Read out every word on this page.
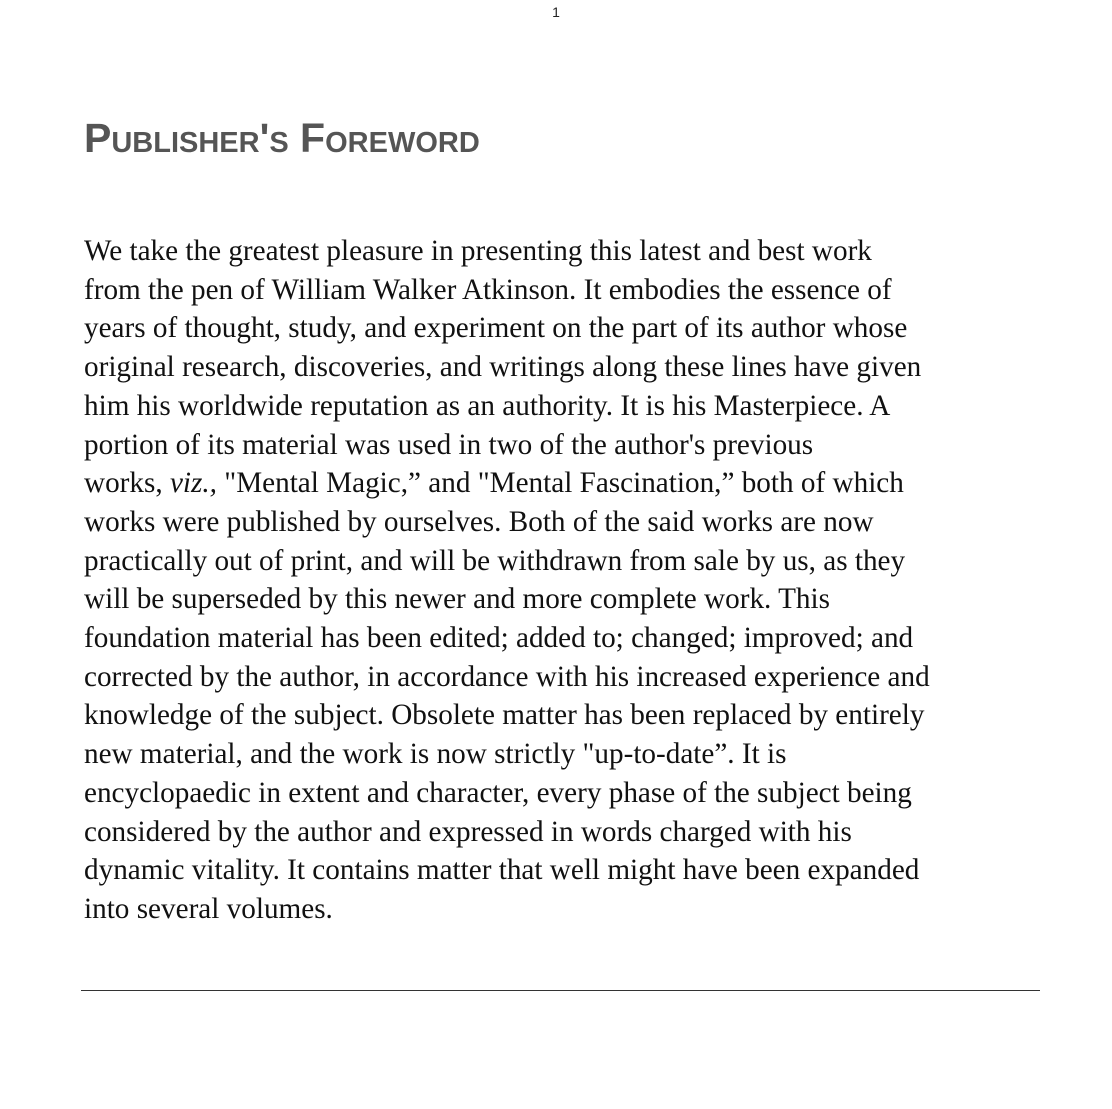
1
Publisher's Foreword
We take the greatest pleasure in presenting this latest and best work
from the pen of William Walker Atkinson. It embodies the essence of
years of thought, study, and experiment on the part of its author whose
original research, discoveries, and writings along these lines have given
him his worldwide reputation as an authority. It is his Masterpiece. A
portion of its material was used in two of the author's previous
works, viz., "Mental Magic,” and "Mental Fascination,” both of which
works were published by ourselves. Both of the said works are now
practically out of print, and will be withdrawn from sale by us, as they
will be superseded by this newer and more complete work. This
foundation material has been edited; added to; changed; improved; and
corrected by the author, in accordance with his increased experience and
knowledge of the subject. Obsolete matter has been replaced by entirely
new material, and the work is now strictly "up-to-date”. It is
encyclopaedic in extent and character, every phase of the subject being
considered by the author and expressed in words charged with his
dynamic vitality. It contains matter that well might have been expanded
into several volumes.
